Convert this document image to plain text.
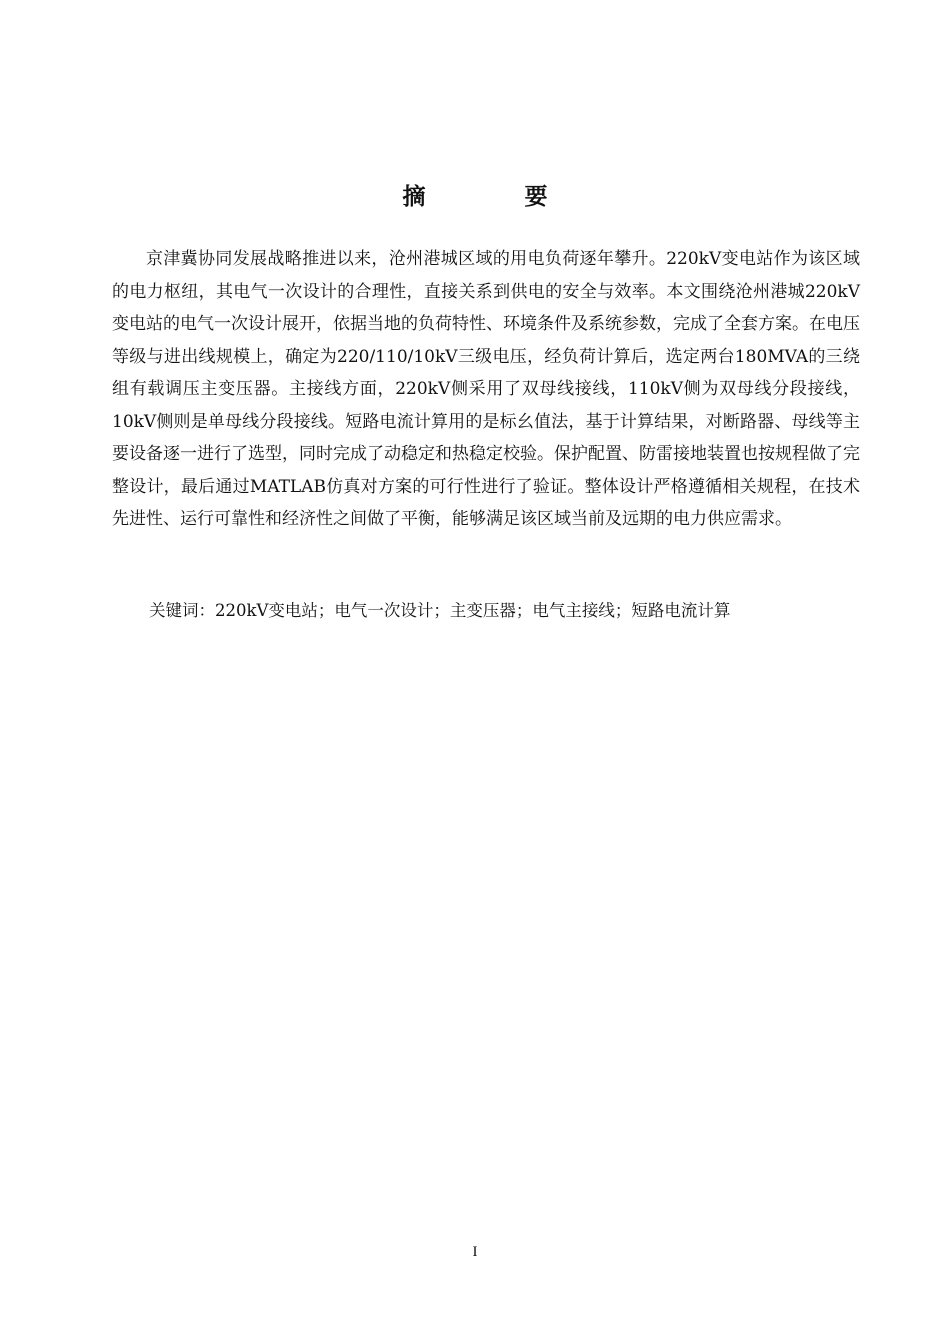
摘　要

京津冀协同发展战略推进以来，沧州港城区域的用电负荷逐年攀升。220kV变电站作为该区域的电力枢纽，其电气一次设计的合理性，直接关系到供电的安全与效率。本文围绕沧州港城220kV变电站的电气一次设计展开，依据当地的负荷特性、环境条件及系统参数，完成了全套方案。在电压等级与进出线规模上，确定为220/110/10kV三级电压，经负荷计算后，选定两台180MVA的三绕组有载调压主变压器。主接线方面，220kV侧采用了双母线接线，110kV侧为双母线分段接线，10kV侧则是单母线分段接线。短路电流计算用的是标幺值法，基于计算结果，对断路器、母线等主要设备逐一进行了选型，同时完成了动稳定和热稳定校验。保护配置、防雷接地装置也按规程做了完整设计，最后通过MATLAB仿真对方案的可行性进行了验证。整体设计严格遵循相关规程，在技术先进性、运行可靠性和经济性之间做了平衡，能够满足该区域当前及远期的电力供应需求。

关键词：220kV变电站；电气一次设计；主变压器；电气主接线；短路电流计算

I
